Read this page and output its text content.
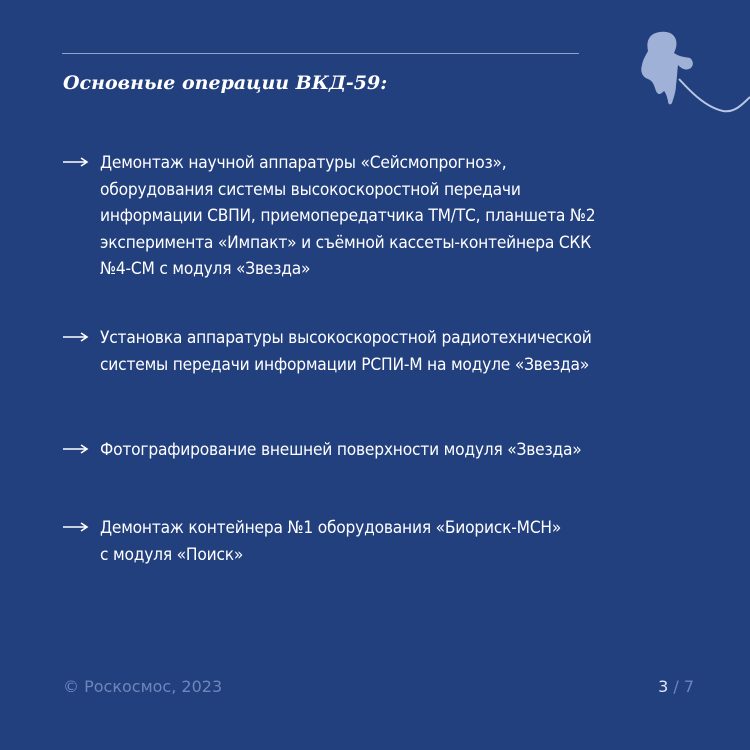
Основные операции ВКД-59:
Демонтаж научной аппаратуры «Сейсмопрогноз»,
оборудования системы высокоскоростной передачи
информации СВПИ, приемопередатчика ТМ/ТС, планшета №2
эксперимента «Импакт» и съёмной кассеты-контейнера СКК
№4-СМ с модуля «Звезда»
Установка аппаратуры высокоскоростной радиотехнической
системы передачи информации РСПИ-М на модуле «Звезда»
Фотографирование внешней поверхности модуля «Звезда»
Демонтаж контейнера №1 оборудования «Биориск-МСН»
с модуля «Поиск»
© Роскосмос, 2023	3 / 7
